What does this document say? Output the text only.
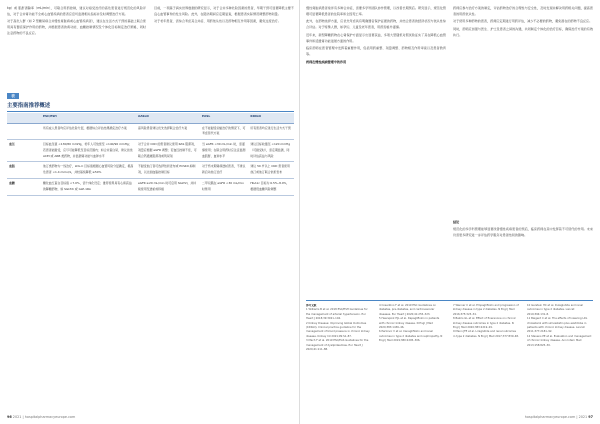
kg）或 肌酐清除率（mL/min），可联合用药控制，建议对接受治疗的高危患者进行规范化的风险评估，对于合并肾功能不全或心血管疾病的患者应密切监测相关指标并及时调整治疗方案。

对于高危人群（如 2 型糖尿病合并慢性肾脏病或心血管疾病者），建议在生活方式干预的基础上联合使用具有器官保护作用的药物，并根据患者的肾功能、血糖控制情况及个体化目标制定治疗策略，同时注意药物的不良反应。

目前，一项基于真实世界数据的研究显示，对于合并多种危险因素的患者，早期干预可显著降低主要不良心血管事件的发生风险。此外，在随访期间应定期复查，根据患者实际情况调整药物剂量。

对于老年患者，需综合考虑其合并症、用药依从性以及药物相互作用等因素，避免过度治疗。

表
主要指南推荐概述
	ESC/ESH	AASLD	EASL	KDIGO
	所有成人患者均应评估危险分层，根据综合评估结果确定治疗方案	高风险患者建议优先选择联合治疗方案	在不能耐受初始治疗的情况下，可考虑替代方案	所有患者均应进行生活方式干预
血压	目标血压值 <130/80 mmHg，老年人可放宽至 <140/90 mmHg；若患者能耐受，应尽可能降低至目标范围内；如合并蛋白尿，建议首选 ACEI 或 ARB 类药物，并监测肾功能与血钾水平	对于合并 CKD 的患者建议使用 RAS 阻滞剂，剂量应根据 eGFR 调整；若血压控制不佳，可联合钙通道阻滞剂或利尿剂	当 eGFR <30 mL/min 时，需谨慎使用；在联合用药时应注意监测血肌酐、血钾水平	建议目标收缩压 <120 mmHg（可耐受时），需定期监测，同时评估获益与风险
血脂	他汀类药物为一线治疗，LDL-C 目标值根据心血管风险分层确定，极高危患者 <1.4 mmol/L，并较基线降低 ≥50%	不耐受他汀者可选择依折麦布或 PCSK9 抑制剂，以达到血脂控制目标	对于终末期肾病透析患者，不建议新启动他汀治疗	建议 50 岁以上 CKD 患者使用他汀或他汀联合依折麦布
血糖	糖化血红蛋白目标值 <7.0%，需个体化设定；推荐使用具有心肾获益的降糖药物，如 SGLT2i 或 GLP-1RA	eGFR ≥20 mL/min 时可启用 SGLT2i，并持续使用至透析或移植	二甲双胍在 eGFR <30 mL/min 时禁用	HbA1c 目标为 6.5%–8.0%，根据低血糖风险调整
96 2021 | hospitalpharmacyeurope.com

慢性肾脏病患者常伴有多种合并症，需要多学科团队协作管理，以改善长期预后。研究显示，规范化管理可显著降低患者的住院率和全因死亡率。

此外，在药物选择方面，应优先考虑具有明确器官保护证据的药物，并结合患者的经济状况与依从性综合评估。对于特殊人群，如孕妇、儿童及老年患者，用药需格外谨慎。

近年来，新型降糖药物在心肾保护方面显示出显著获益，多项大型随机对照试验证实了其在降低心血管事件和延缓肾功能进展方面的作用。

临床药师在患者管理中发挥着重要作用，包括用药重整、剂量调整、药物相互作用审查以及患者教育等。

药师在慢性疾病管理中的作用

药师应参与治疗方案的制定，评估药物治疗的合理性与安全性，及时发现并解决用药相关问题，提高患者的用药依从性。

对于使用多种药物的患者，药师应定期进行用药评估，减少不必要的药物，避免潜在的药物不良反应。

同时，药师应加强与医生、护士及患者之间的沟通，共同制定个体化的治疗目标，确保治疗方案的有效执行。

结论

规范化的多学科管理能够显著改善慢性疾病患者的预后，临床药师在其中发挥着不可替代的作用。未来仍需更多研究进一步评估药学服务对患者结局的影响。

参考文献
1 Williams B et al. 2018 ESC/ESH Guidelines for the management of arterial hypertension. Eur Heart J 2018;39:3021–104.
2 Kidney Disease: Improving Global Outcomes (KDIGO). Clinical practice guideline for the management of blood pressure in chronic kidney disease. Kidney Int 2021;99:S1–87.
3 Mach F et al. 2019 ESC/EAS Guidelines for the management of dyslipidaemias. Eur Heart J 2020;41:111–88.
4 Cosentino F et al. 2019 ESC Guidelines on diabetes, pre-diabetes, and cardiovascular diseases. Eur Heart J 2020;41:255–323.
5 Heerspink HJL et al. Dapagliflozin in patients with chronic kidney disease. N Engl J Med 2020;383:1436–46.
6 Perkovic V et al. Canagliflozin and renal outcomes in type 2 diabetes and nephropathy. N Engl J Med 2019;380:2295–306.
7 Wanner C et al. Empagliflozin and progression of kidney disease in type 2 diabetes. N Engl J Med 2016;375:323–34.
8 Bakris GL et al. Effect of finerenone on chronic kidney disease outcomes in type 2 diabetes. N Engl J Med 2020;383:2219–29.
9 Mann JFE et al. Liraglutide and renal outcomes in type 2 diabetes. N Engl J Med 2017;377:839–48.
10 Gerstein HC et al. Dulaglutide and renal outcomes in type 2 diabetes. Lancet 2019;394:131–8.
11 Baigent C et al. The effects of lowering LDL cholesterol with simvastatin plus ezetimibe in patients with chronic kidney disease. Lancet 2011;377:2181–92.
12 Stevens PE et al. Evaluation and management of chronic kidney disease. Ann Intern Med 2013;158:825–30.
hospitalpharmacyeurope.com | 2021 97
